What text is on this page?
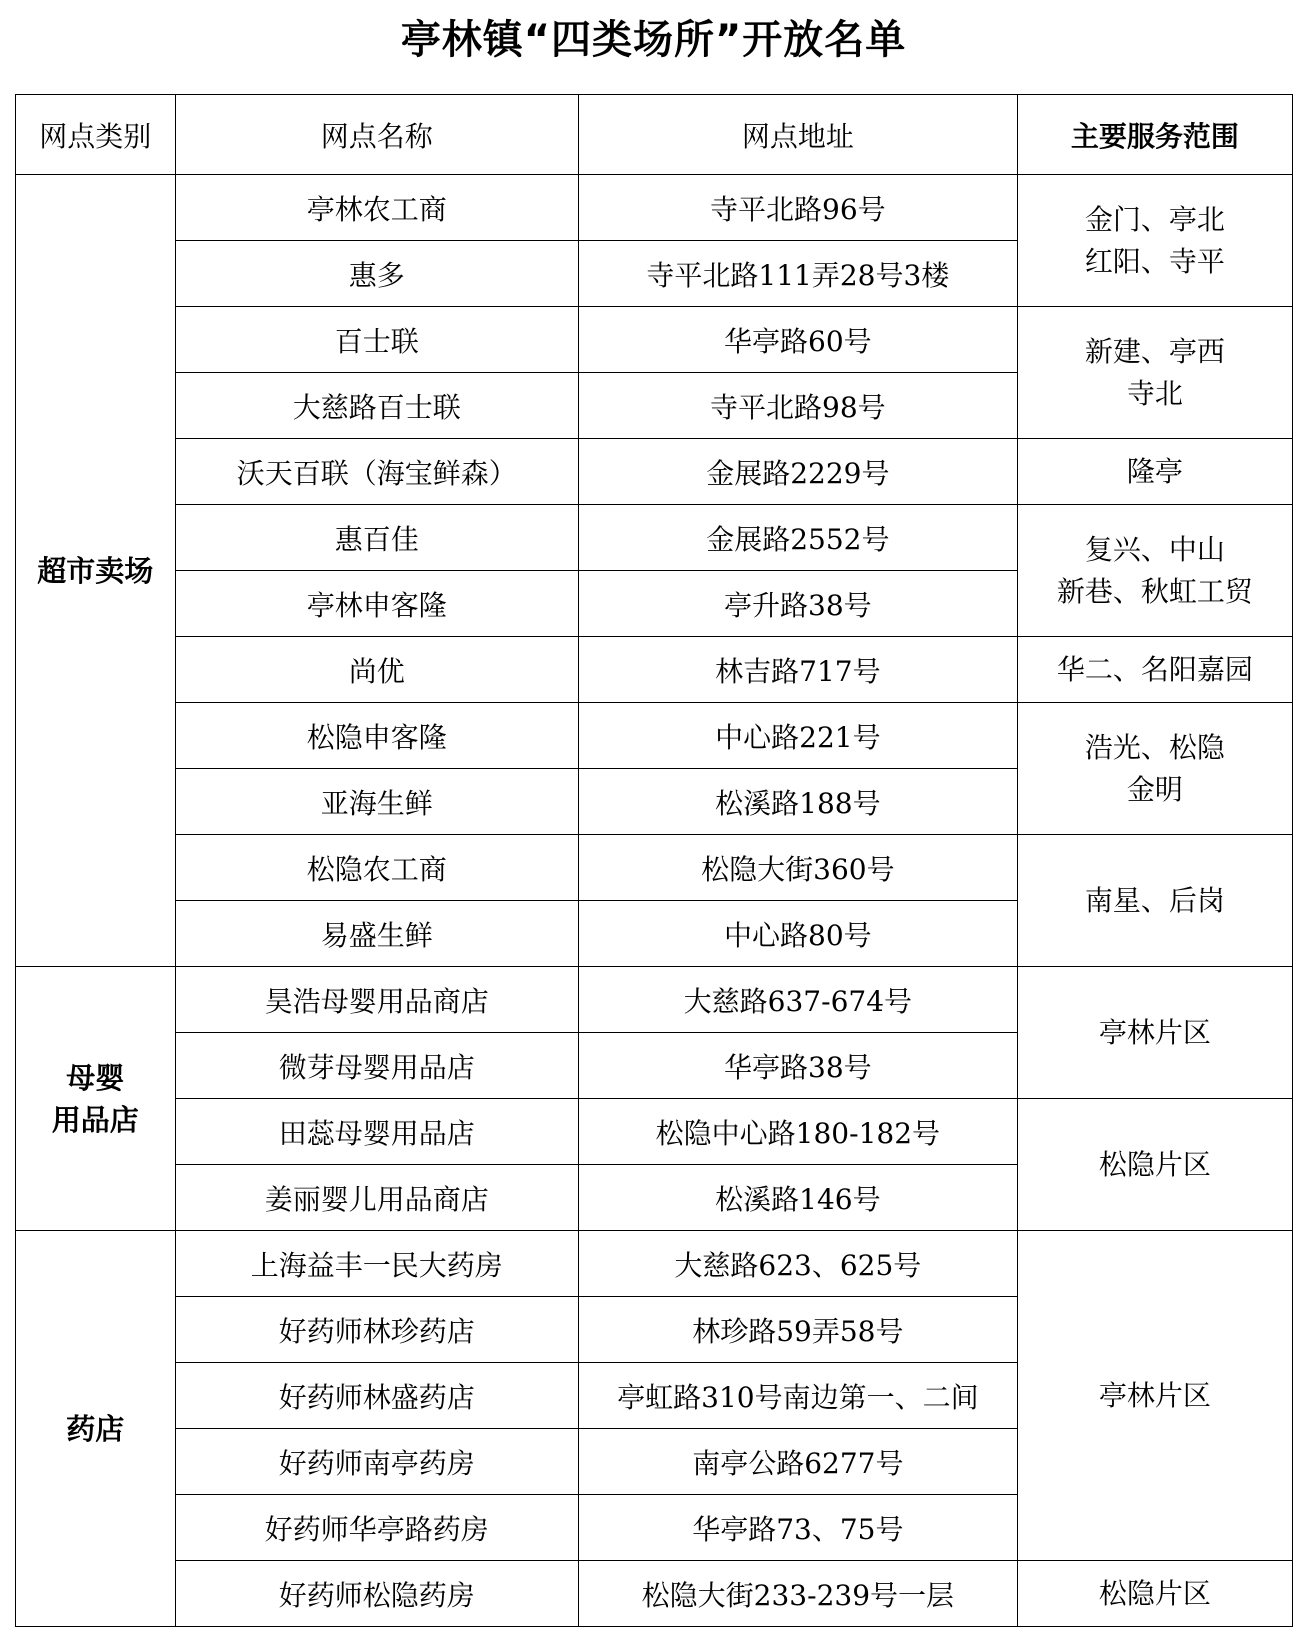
亭林镇“四类场所”开放名单
网点类别	网点名称	网点地址	主要服务范围

超市卖场	亭林农工商	寺平北路96号	金门、亭北
红阳、寺平

	惠多	寺平北路111弄28号3楼	
	百士联	华亭路60号	新建、亭西
寺北

	大慈路百士联	寺平北路98号	
	沃天百联（海宝鲜森）	金展路2229号	隆亭

	惠百佳	金展路2552号	复兴、中山
新巷、秋虹工贸

	亭林申客隆	亭升路38号	
	尚优	林吉路717号	华二、名阳嘉园

	松隐申客隆	中心路221号	浩光、松隐
金明

	亚海生鲜	松溪路188号	
	松隐农工商	松隐大街360号	南星、后岗

	易盛生鲜	中心路80号	

母婴
用品店	昊浩母婴用品商店	大慈路637-674号	亭林片区

	微芽母婴用品店	华亭路38号	
	田蕊母婴用品店	松隐中心路180-182号	松隐片区

	姜丽婴儿用品商店	松溪路146号	

药店	上海益丰一民大药房	大慈路623、625号	亭林片区

	好药师林珍药店	林珍路59弄58号	
	好药师林盛药店	亭虹路310号南边第一、二间	
	好药师南亭药房	南亭公路6277号	
	好药师华亭路药房	华亭路73、75号	
	好药师松隐药房	松隐大街233-239号一层	松隐片区
